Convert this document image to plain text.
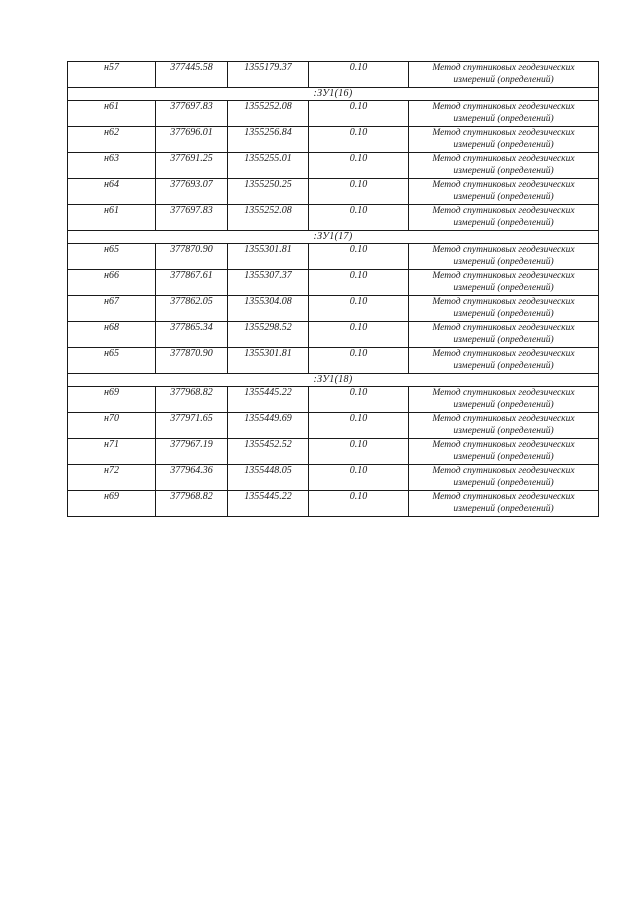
н57	377445.58	1355179.37	0.10	Метод спутниковых геодезических измерений (определений)
:ЗУ1(16)				
н61	377697.83	1355252.08	0.10	Метод спутниковых геодезических измерений (определений)
н62	377696.01	1355256.84	0.10	Метод спутниковых геодезических измерений (определений)
н63	377691.25	1355255.01	0.10	Метод спутниковых геодезических измерений (определений)
н64	377693.07	1355250.25	0.10	Метод спутниковых геодезических измерений (определений)
н61	377697.83	1355252.08	0.10	Метод спутниковых геодезических измерений (определений)
:ЗУ1(17)				
н65	377870.90	1355301.81	0.10	Метод спутниковых геодезических измерений (определений)
н66	377867.61	1355307.37	0.10	Метод спутниковых геодезических измерений (определений)
н67	377862.05	1355304.08	0.10	Метод спутниковых геодезических измерений (определений)
н68	377865.34	1355298.52	0.10	Метод спутниковых геодезических измерений (определений)
н65	377870.90	1355301.81	0.10	Метод спутниковых геодезических измерений (определений)
:ЗУ1(18)				
н69	377968.82	1355445.22	0.10	Метод спутниковых геодезических измерений (определений)
н70	377971.65	1355449.69	0.10	Метод спутниковых геодезических измерений (определений)
н71	377967.19	1355452.52	0.10	Метод спутниковых геодезических измерений (определений)
н72	377964.36	1355448.05	0.10	Метод спутниковых геодезических измерений (определений)
н69	377968.82	1355445.22	0.10	Метод спутниковых геодезических измерений (определений)
